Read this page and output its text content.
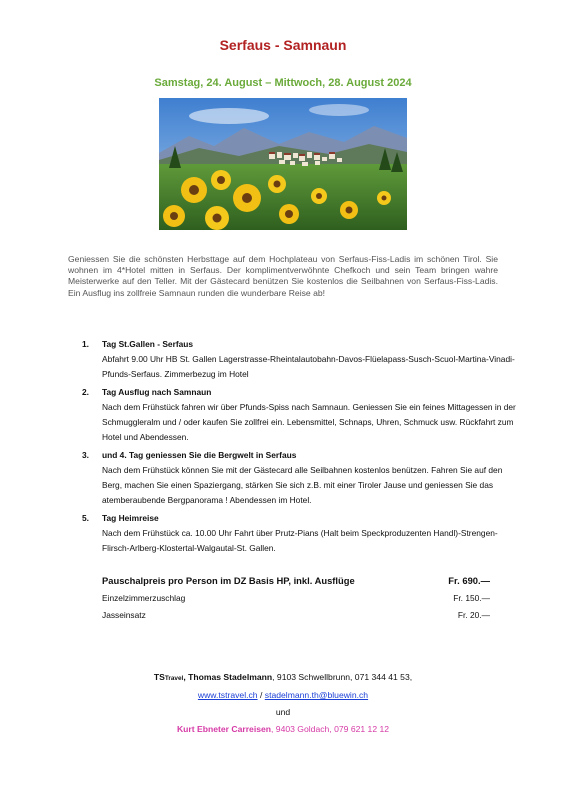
Serfaus - Samnaun
Samstag, 24. August – Mittwoch, 28. August 2024

Geniessen Sie die schönsten Herbsttage auf dem Hochplateau von Serfaus-Fiss-Ladis im schönen Tirol. Sie wohnen im 4*Hotel mitten in Serfaus. Der komplimentverwöhnte Chefkoch und sein Team bringen wahre Meisterwerke auf den Teller. Mit der Gästecard benützen Sie kostenlos die Seilbahnen von Serfaus-Fiss-Ladis. Ein Ausflug ins zollfreie Samnaun runden die wunderbare Reise ab!

1. Tag St.Gallen - Serfaus
Abfahrt 9.00 Uhr HB St. Gallen Lagerstrasse-Rheintalautobahn-Davos-Flüelapass-Susch-Scuol-Martina-Vinadi-Pfunds-Serfaus. Zimmerbezug im Hotel
2. Tag Ausflug nach Samnaun
Nach dem Frühstück fahren wir über Pfunds-Spiss nach Samnaun. Geniessen Sie ein feines Mittagessen in der Schmuggleralm und / oder kaufen Sie zollfrei ein. Lebensmittel, Schnaps, Uhren, Schmuck usw. Rückfahrt zum Hotel und Abendessen.
3. und 4. Tag geniessen Sie die Bergwelt in Serfaus
Nach dem Frühstück können Sie mit der Gästecard alle Seilbahnen kostenlos benützen. Fahren Sie auf den Berg, machen Sie einen Spaziergang, stärken Sie sich z.B. mit einer Tiroler Jause und geniessen Sie das atemberaubende Bergpanorama ! Abendessen im Hotel.
5. Tag Heimreise
Nach dem Frühstück ca. 10.00 Uhr Fahrt über Prutz-Pians (Halt beim Speckproduzenten Handl)-Strengen-Flirsch-Arlberg-Klostertal-Walgautal-St. Gallen.
Pauschalpreis pro Person im DZ Basis HP, inkl. Ausflüge	Fr. 690.—
Einzelzimmerzuschlag	Fr. 150.—
Jasseinsatz	Fr. 20.—
TSTravel, Thomas Stadelmann, 9103 Schwellbrunn, 071 344 41 53,
www.tstravel.ch / stadelmann.th@bluewin.ch
und
Kurt Ebneter Carreisen, 9403 Goldach, 079 621 12 12
